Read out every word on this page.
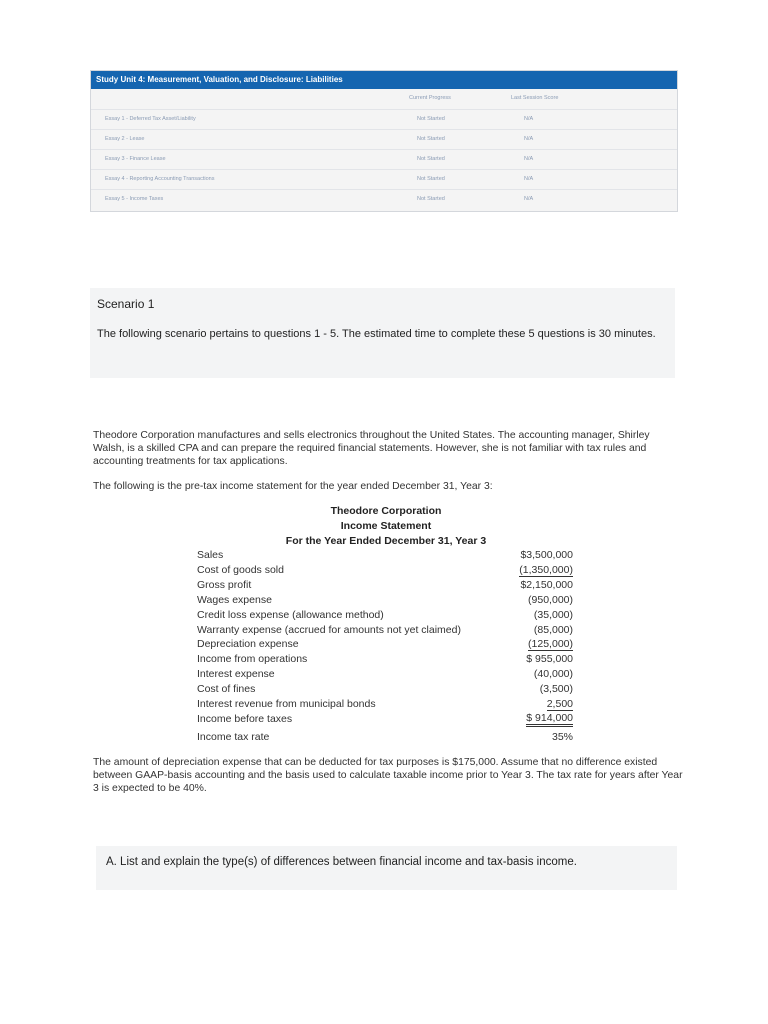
Study Unit 4: Measurement, Valuation, and Disclosure: Liabilities
Current Progress	Last Session Score
Essay 1 - Deferred Tax Asset/Liability	Not Started	N/A
Essay 2 - Lease	Not Started	N/A
Essay 3 - Finance Lease	Not Started	N/A
Essay 4 - Reporting Accounting Transactions	Not Started	N/A
Essay 5 - Income Taxes	Not Started	N/A
Scenario 1
The following scenario pertains to questions 1 - 5. The estimated time to complete these 5 questions is 30 minutes.
Theodore Corporation manufactures and sells electronics throughout the United States. The accounting manager, Shirley Walsh, is a skilled CPA and can prepare the required financial statements. However, she is not familiar with tax rules and accounting treatments for tax applications.
The following is the pre-tax income statement for the year ended December 31, Year 3:
Theodore Corporation
Income Statement
For the Year Ended December 31, Year 3
Sales	$3,500,000
Cost of goods sold	(1,350,000)
Gross profit	$2,150,000
Wages expense	(950,000)
Credit loss expense (allowance method)	(35,000)
Warranty expense (accrued for amounts not yet claimed)	(85,000)
Depreciation expense	(125,000)
Income from operations	$ 955,000
Interest expense	(40,000)
Cost of fines	(3,500)
Interest revenue from municipal bonds	2,500
Income before taxes	$ 914,000
Income tax rate	35%
The amount of depreciation expense that can be deducted for tax purposes is $175,000. Assume that no difference existed between GAAP-basis accounting and the basis used to calculate taxable income prior to Year 3. The tax rate for years after Year 3 is expected to be 40%.
A. List and explain the type(s) of differences between financial income and tax-basis income.
